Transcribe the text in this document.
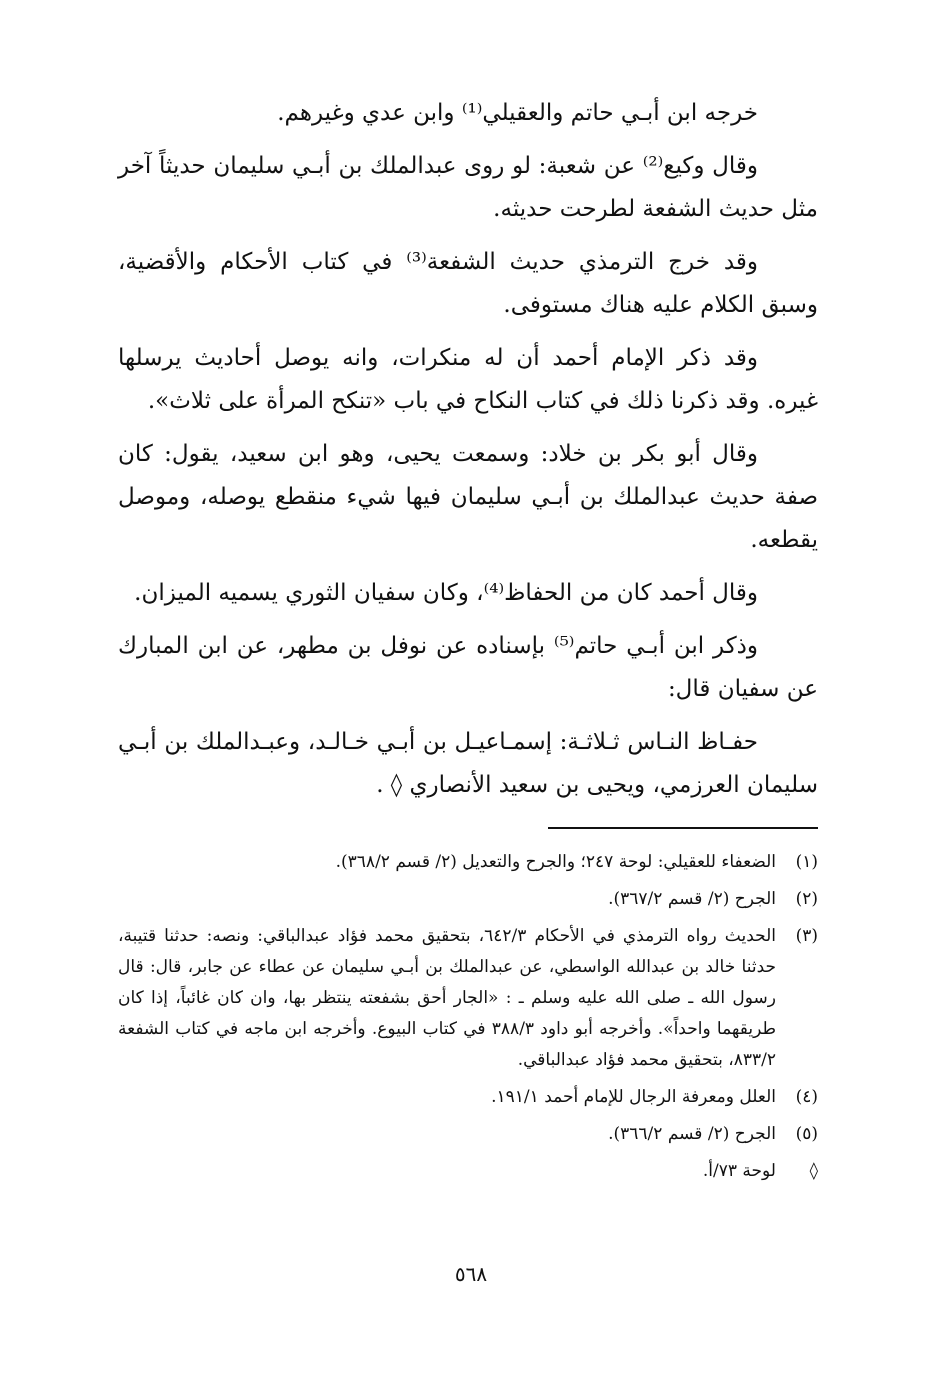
خرجه ابن أبـي حاتم والعقيلي⁽¹⁾ وابن عدي وغيرهم.

وقال وكيع⁽²⁾ عن شعبة: لو روى عبدالملك بن أبـي سليمان حديثاً آخر مثل حديث الشفعة لطرحت حديثه.

وقد خرج الترمذي حديث الشفعة⁽³⁾ في كتاب الأحكام والأقضية، وسبق الكلام عليه هناك مستوفى.

وقد ذكر الإمام أحمد أن له منكرات، وانه يوصل أحاديث يرسلها غيره. وقد ذكرنا ذلك في كتاب النكاح في باب «تنكح المرأة على ثلاث».

وقال أبو بكر بن خلاد: وسمعت يحيى، وهو ابن سعيد، يقول: كان صفة حديث عبدالملك بن أبـي سليمان فيها شيء منقطع يوصله، وموصل يقطعه.

وقال أحمد كان من الحفاظ⁽⁴⁾، وكان سفيان الثوري يسميه الميزان.

وذكر ابن أبـي حاتم⁽⁵⁾ بإسناده عن نوفل بن مطهر، عن ابن المبارك عن سفيان قال:

حفـاظ النـاس ثـلاثـة: إسمـاعيـل بن أبـي خـالـد، وعبـدالملك بن أبـي سليمان العرزمي، ويحيى بن سعيد الأنصاري ◊ .

(١)
الضعفاء للعقيلي: لوحة ٢٤٧؛ والجرح والتعديل (٢/ قسم ٣٦٨/٢).
(٢)
الجرح (٢/ قسم ٣٦٧/٢).
(٣)
الحديث رواه الترمذي في الأحكام ٦٤٢/٣، بتحقيق محمد فؤاد عبدالباقي: ونصه: حدثنا قتيبة، حدثنا خالد بن عبدالله الواسطي، عن عبدالملك بن أبـي سليمان عن عطاء عن جابر، قال: قال رسول الله ـ صلى الله عليه وسلم ـ : «الجار أحق بشفعته ينتظر بها، وان كان غائباً، إذا كان طريقهما واحداً». وأخرجه أبو داود ٣٨٨/٣ في كتاب البيوع. وأخرجه ابن ماجه في كتاب الشفعة ٨٣٣/٢، بتحقيق محمد فؤاد عبدالباقي.
(٤)
العلل ومعرفة الرجال للإمام أحمد ١٩١/١.
(٥)
الجرح (٢/ قسم ٣٦٦/٢).
◊
لوحة ٧٣/أ.
٥٦٨
